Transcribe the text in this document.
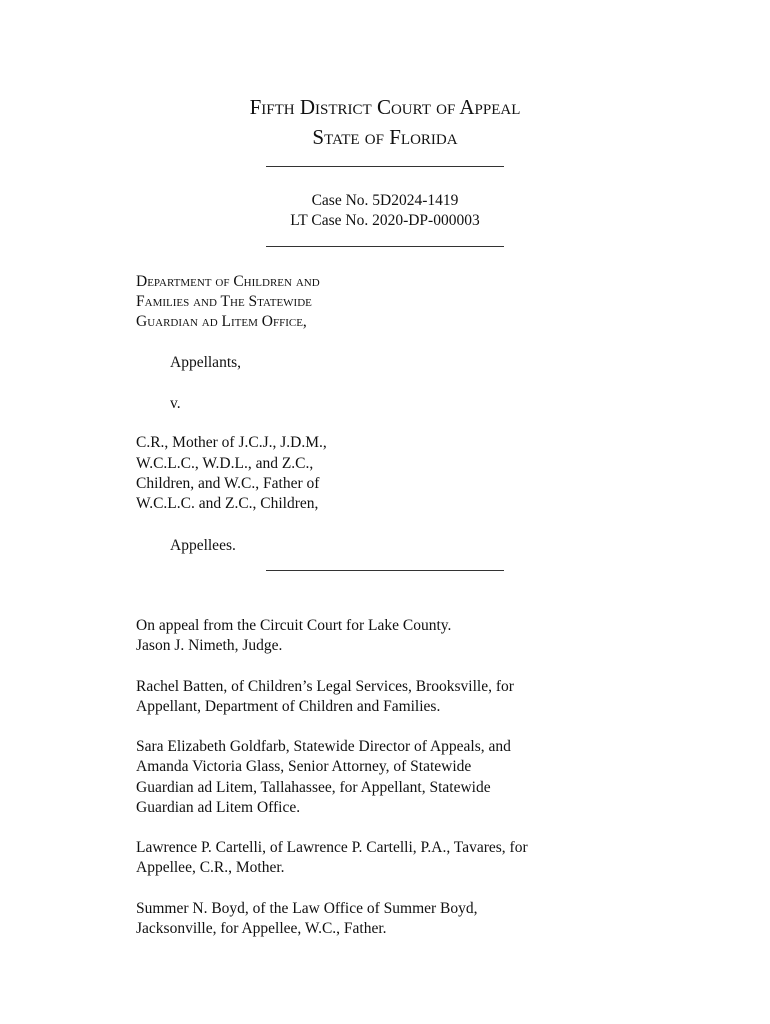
Fifth District Court of Appeal
State of Florida
Case No. 5D2024-1419
LT Case No. 2020-DP-000003
Department of Children and
Families and The Statewide
Guardian ad Litem Office,
Appellants,
v.
C.R., Mother of J.C.J., J.D.M.,
W.C.L.C., W.D.L., and Z.C.,
Children, and W.C., Father of
W.C.L.C. and Z.C., Children,
Appellees.
On appeal from the Circuit Court for Lake County.
Jason J. Nimeth, Judge.
Rachel Batten, of Children’s Legal Services, Brooksville, for
Appellant, Department of Children and Families.
Sara Elizabeth Goldfarb, Statewide Director of Appeals, and
Amanda Victoria Glass, Senior Attorney, of Statewide
Guardian ad Litem, Tallahassee, for Appellant, Statewide
Guardian ad Litem Office.
Lawrence P. Cartelli, of Lawrence P. Cartelli, P.A., Tavares, for
Appellee, C.R., Mother.
Summer N. Boyd, of the Law Office of Summer Boyd,
Jacksonville, for Appellee, W.C., Father.
